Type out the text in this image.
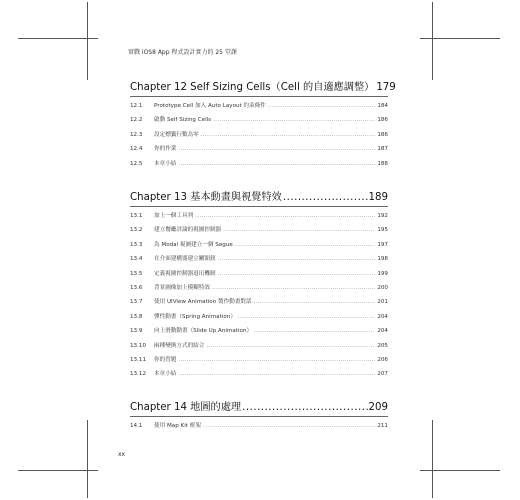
實戰 iOS8 App 程式設計實力的 25 堂課
Chapter 12 Self Sizing Cells（Cell 的自適應調整） 179
12.1	Prototype Cell 加入 Auto Layout 約束條件 .....	184
12.2	啟動 Self Sizing Cells .....	186
12.3	設定標籤行數為零 .....	186
12.4	你的作業 .....	187
12.5	本章小結 .....	188
Chapter 13 基本動畫與視覺特效 .....	189
13.1	加上一個工具列 .....	192
13.2	建立餐廳評論的視圖控制器 .....	195
13.3	為 Modal 視圖建立一個 Segue .....	197
13.4	在介面建構器建立關閉鈕 .....	198
13.5	定義視圖控制器退出機制 .....	199
13.6	背景圖像加上模糊特效 .....	200
13.7	使用 UIView Animation 製作動畫對話 .....	201
13.8	彈性動畫（Spring Animation） .....	204
13.9	向上滑動動畫（Slide Up Animation） .....	204
13.10	兩種變換方式的結合 .....	205
13.11	你的習題 .....	206
13.12	本章小結 .....	207
Chapter 14 地圖的處理 .....	209
14.1	使用 Map Kit 框架 .....	211
xx
